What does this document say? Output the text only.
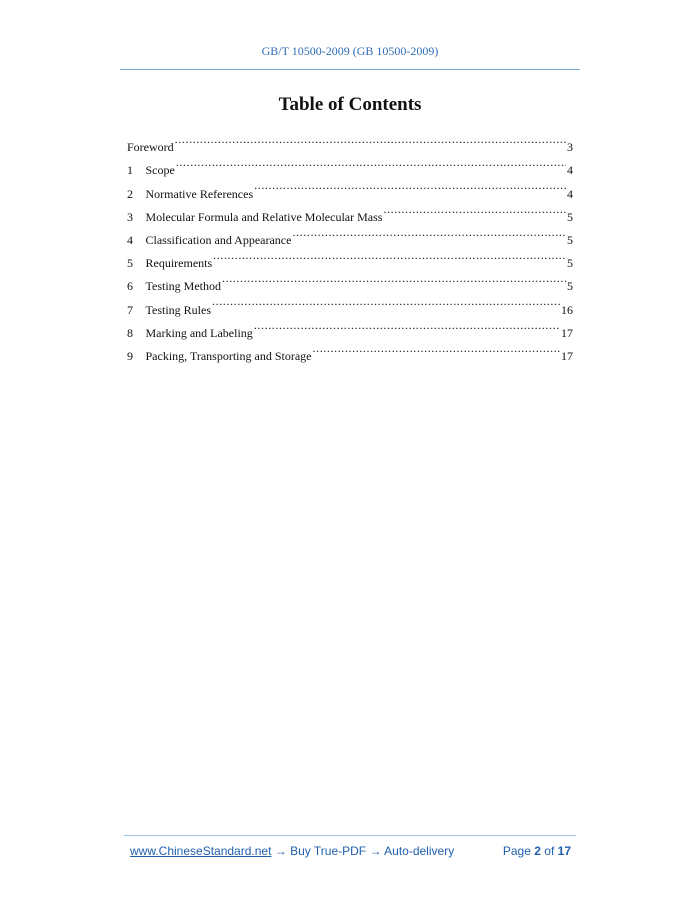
GB/T 10500-2009 (GB 10500-2009)
Table of Contents
Foreword .....	3
1	Scope .....	4
2	Normative References .....	4
3	Molecular Formula and Relative Molecular Mass .....	5
4	Classification and Appearance .....	5
5	Requirements .....	5
6	Testing Method .....	5
7	Testing Rules .....	16
8	Marking and Labeling .....	17
9	Packing, Transporting and Storage .....	17
www.ChineseStandard.net → Buy True-PDF → Auto-delivery	Page 2 of 17
